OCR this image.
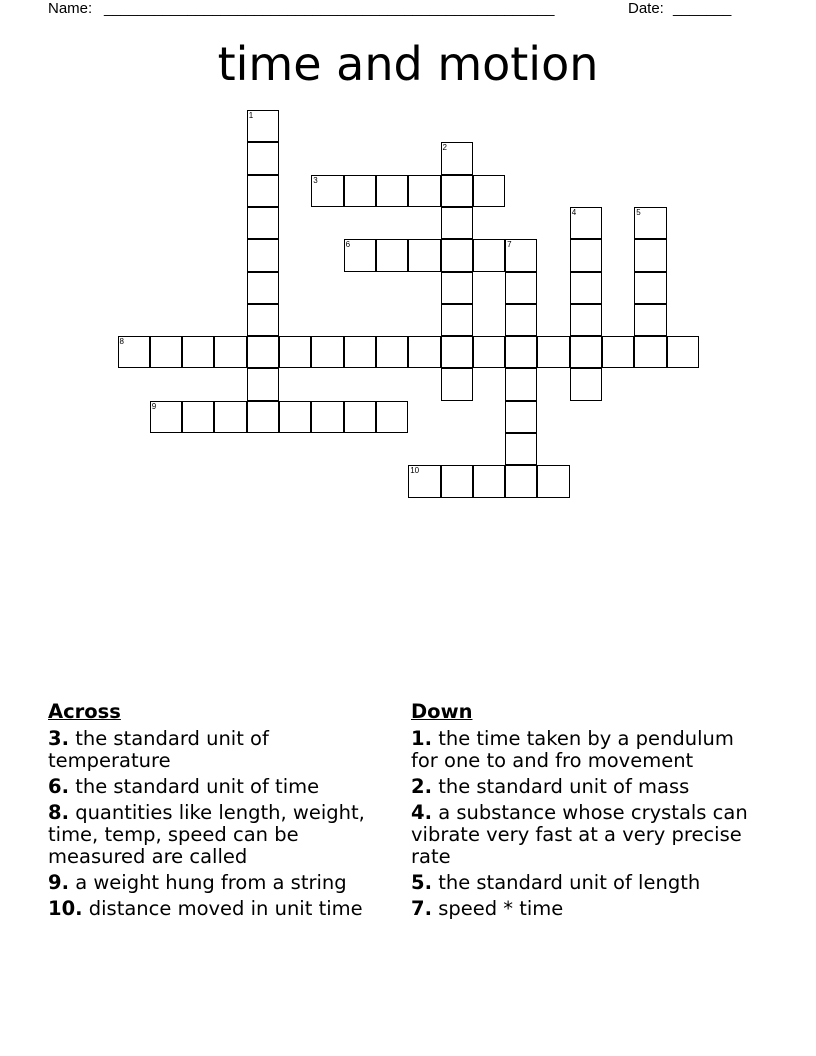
Name: ______________________________________________________	Date: _______
time and motion
1
2
3
4	5
6	7
8
9
10
Across
3. the standard unit of temperature
6. the standard unit of time
8. quantities like length, weight, time, temp, speed can be measured are called
9. a weight hung from a string
10. distance moved in unit time
Down
1. the time taken by a pendulum for one to and fro movement
2. the standard unit of mass
4. a substance whose crystals can vibrate very fast at a very precise rate
5. the standard unit of length
7. speed * time
